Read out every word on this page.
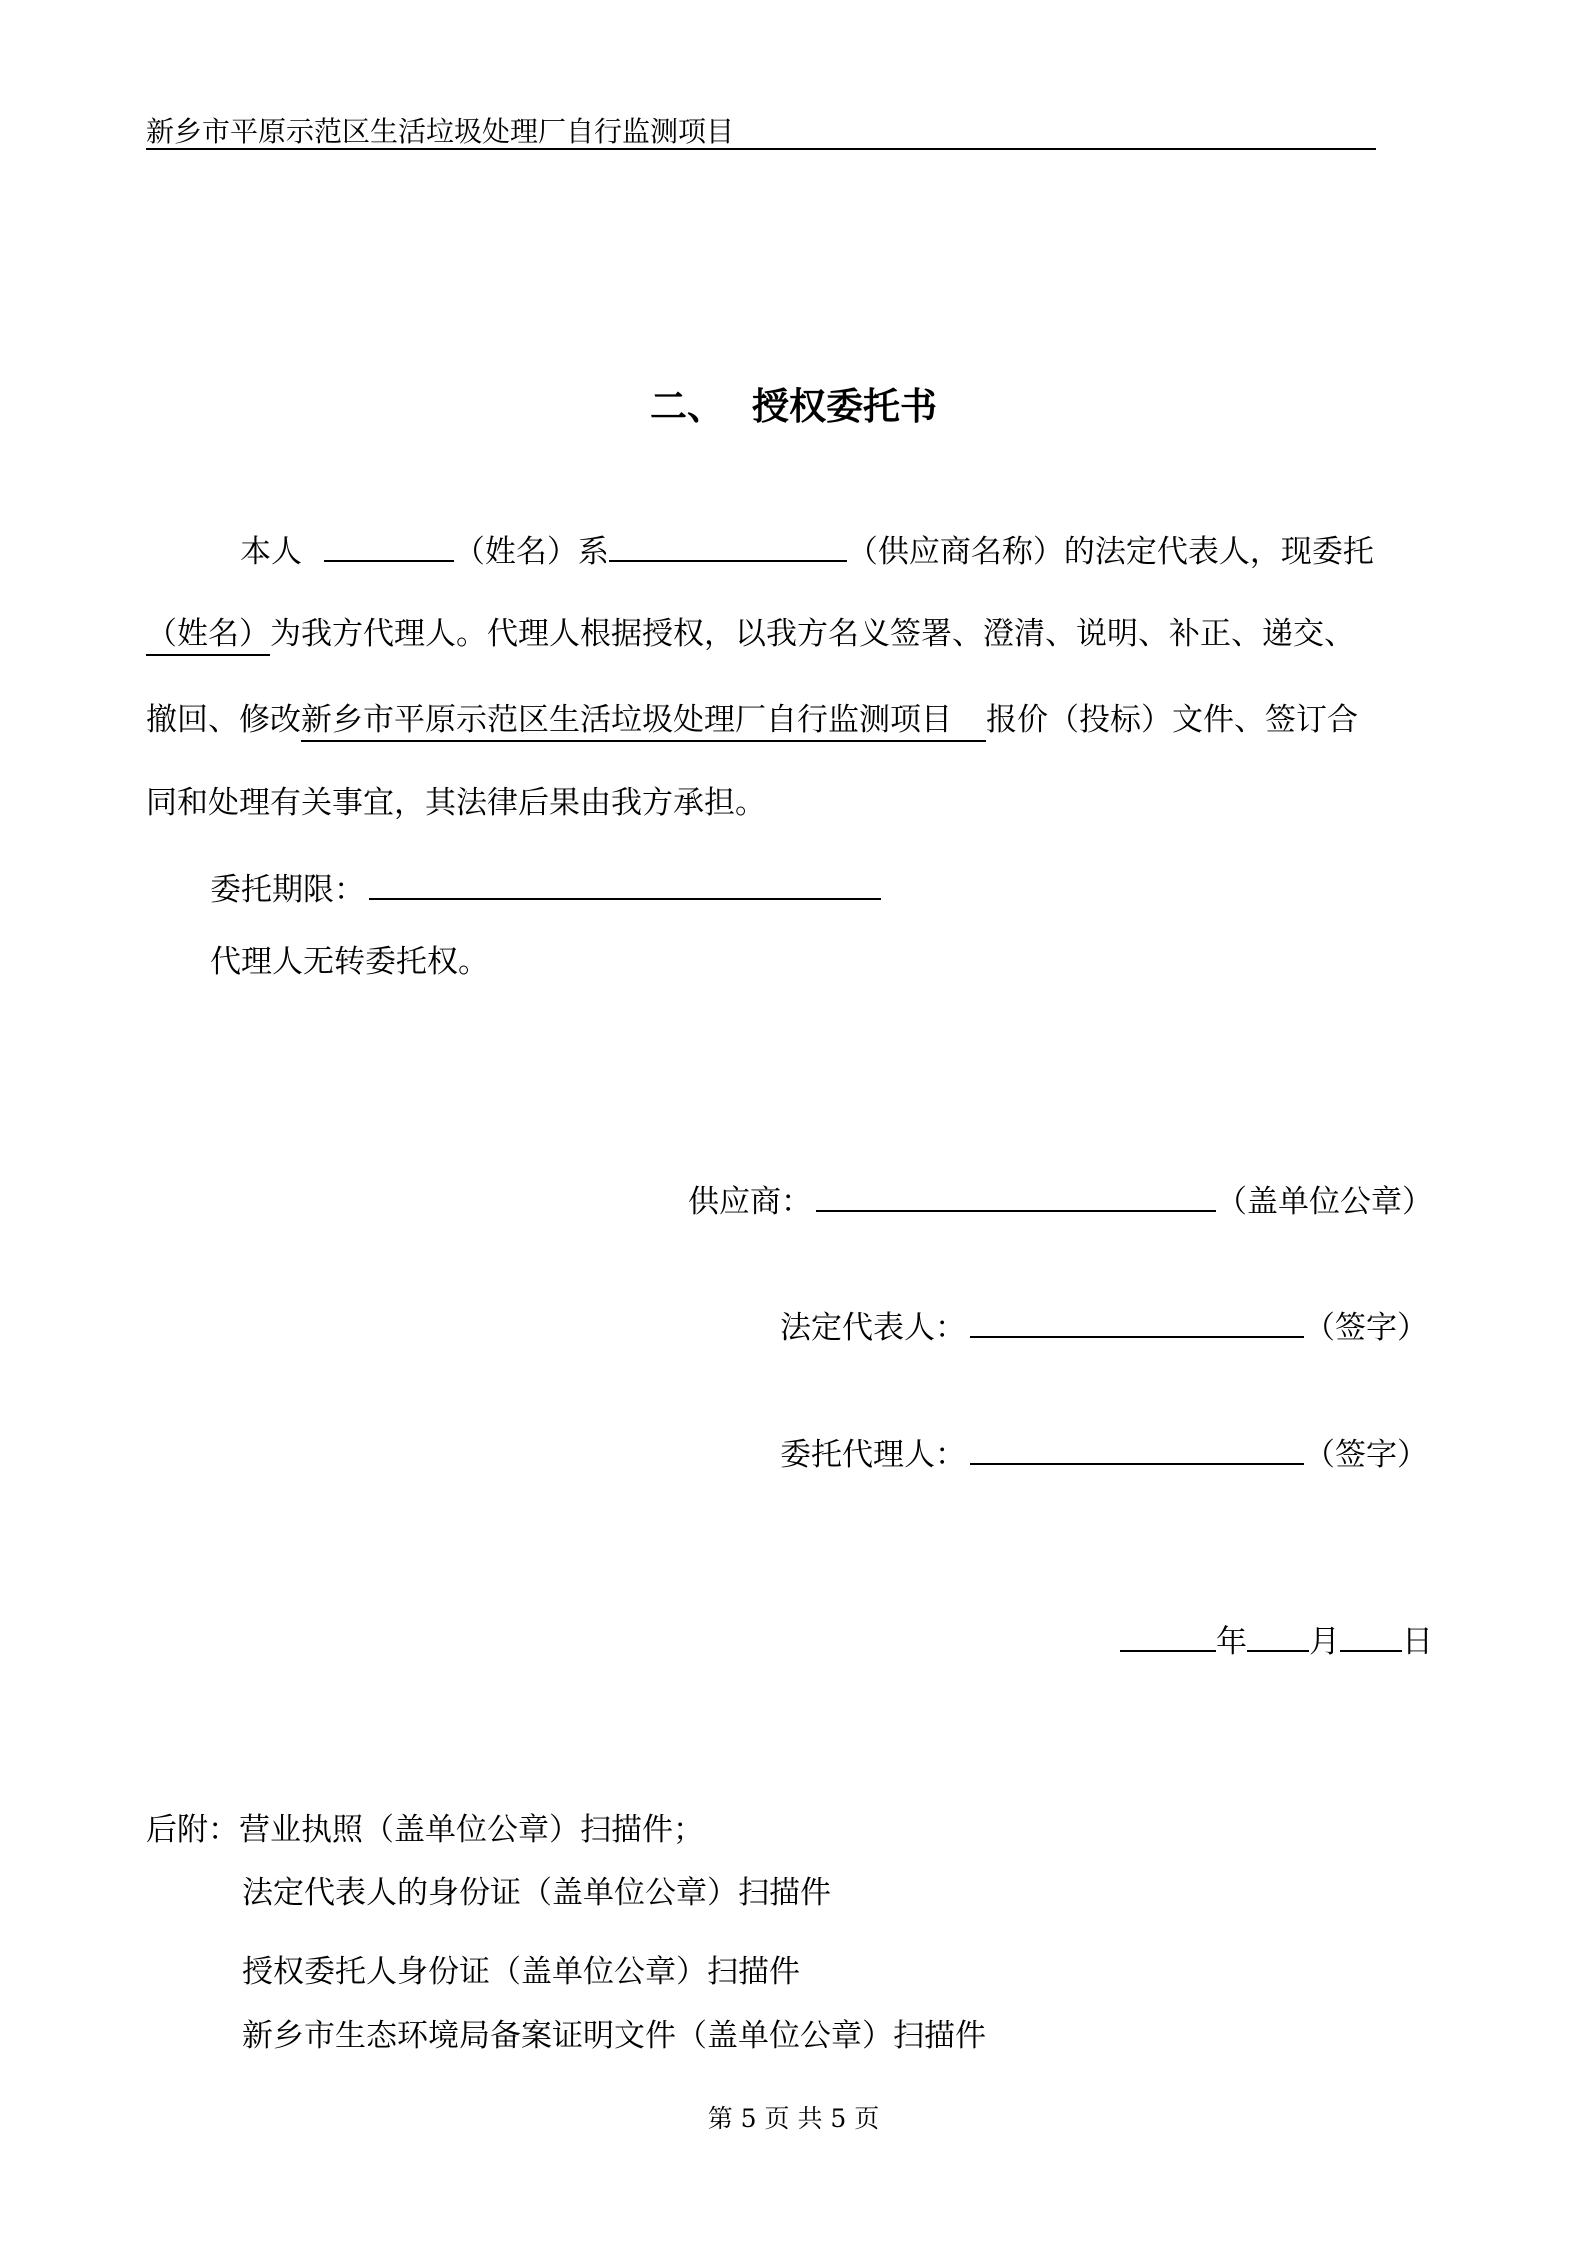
新乡市平原示范区生活垃圾处理厂自行监测项目
二、 授权委托书
本人	（姓名）系	（供应商名称）的法定代表人，现委托
（姓名）为我方代理人。代理人根据授权，以我方名义签署、澄清、说明、补正、递交、
撤回、修改新乡市平原示范区生活垃圾处理厂自行监测项目 报价（投标）文件、签订合
同和处理有关事宜，其法律后果由我方承担。
委托期限：
代理人无转委托权。
供应商：	（盖单位公章）
法定代表人：	（签字）
委托代理人：	（签字）
年 月 日
后附：营业执照（盖单位公章）扫描件；
法定代表人的身份证（盖单位公章）扫描件
授权委托人身份证（盖单位公章）扫描件
新乡市生态环境局备案证明文件（盖单位公章）扫描件
第 5 页 共 5 页
